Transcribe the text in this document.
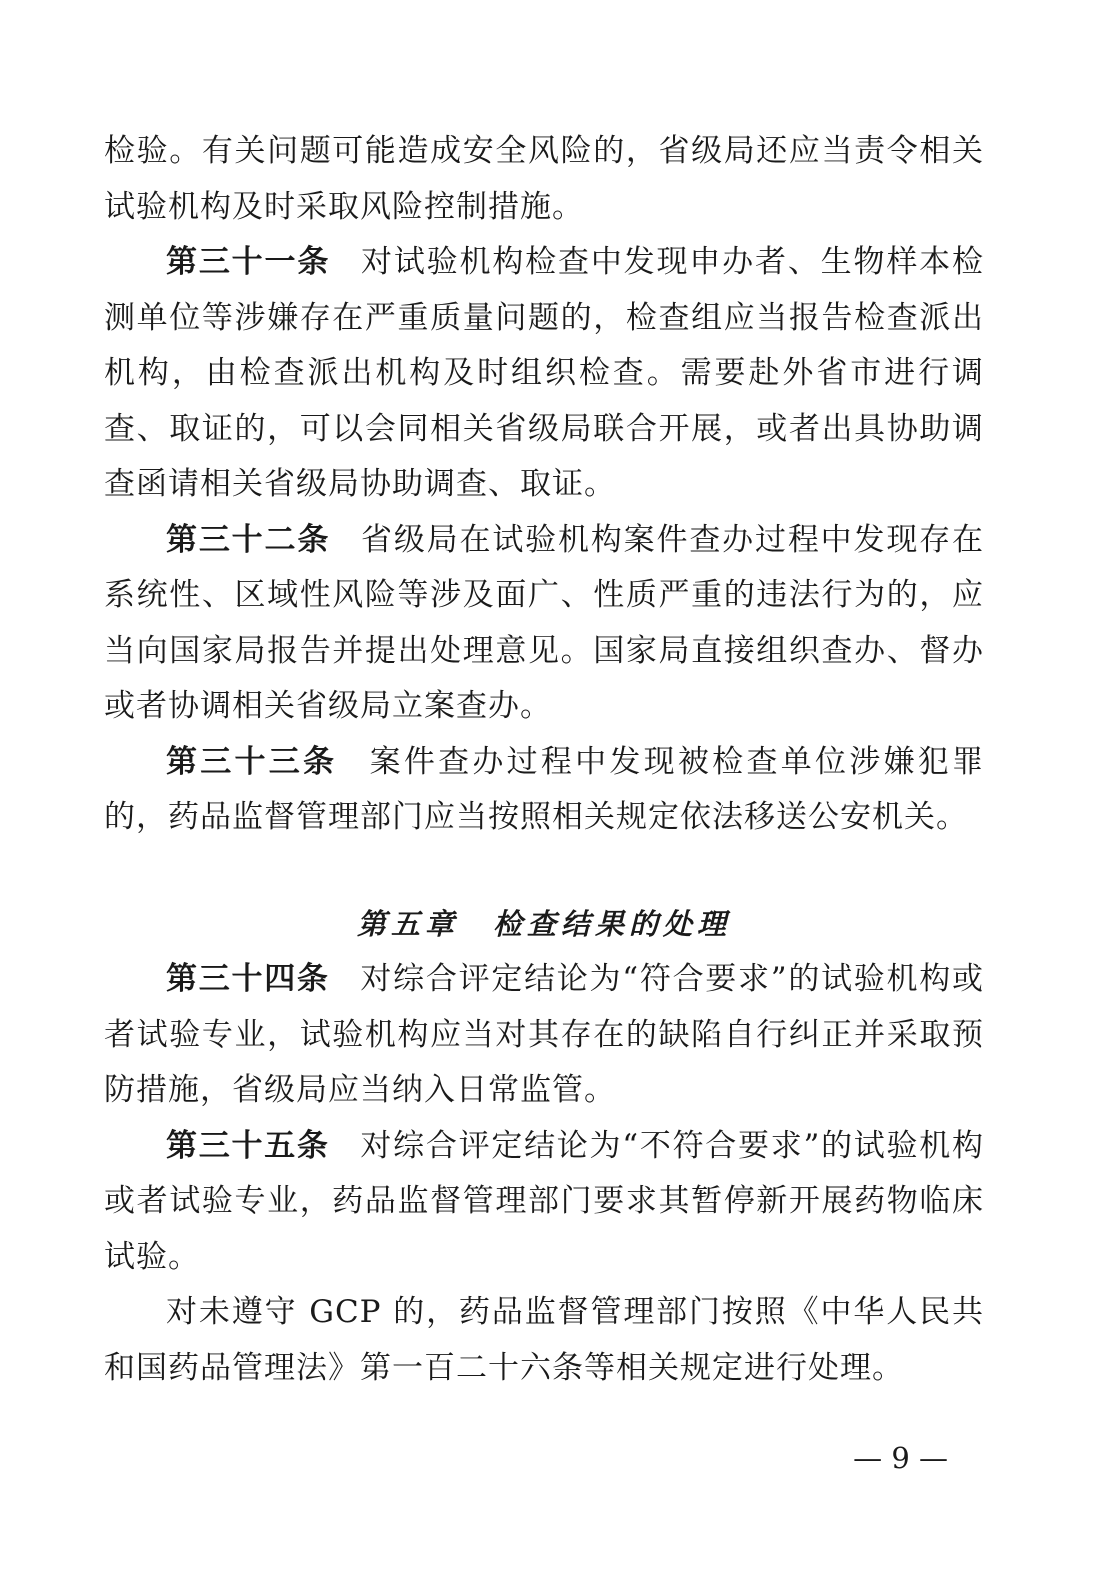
检验。有关问题可能造成安全风险的，省级局还应当责令相关试验机构及时采取风险控制措施。

第三十一条 对试验机构检查中发现申办者、生物样本检测单位等涉嫌存在严重质量问题的，检查组应当报告检查派出机构，由检查派出机构及时组织检查。需要赴外省市进行调查、取证的，可以会同相关省级局联合开展，或者出具协助调查函请相关省级局协助调查、取证。

第三十二条 省级局在试验机构案件查办过程中发现存在系统性、区域性风险等涉及面广、性质严重的违法行为的，应当向国家局报告并提出处理意见。国家局直接组织查办、督办或者协调相关省级局立案查办。

第三十三条 案件查办过程中发现被检查单位涉嫌犯罪的，药品监督管理部门应当按照相关规定依法移送公安机关。

第五章 检查结果的处理

第三十四条 对综合评定结论为“符合要求”的试验机构或者试验专业，试验机构应当对其存在的缺陷自行纠正并采取预防措施，省级局应当纳入日常监管。

第三十五条 对综合评定结论为“不符合要求”的试验机构或者试验专业，药品监督管理部门要求其暂停新开展药物临床试验。

对未遵守 GCP 的，药品监督管理部门按照《中华人民共和国药品管理法》第一百二十六条等相关规定进行处理。

— 9 —
